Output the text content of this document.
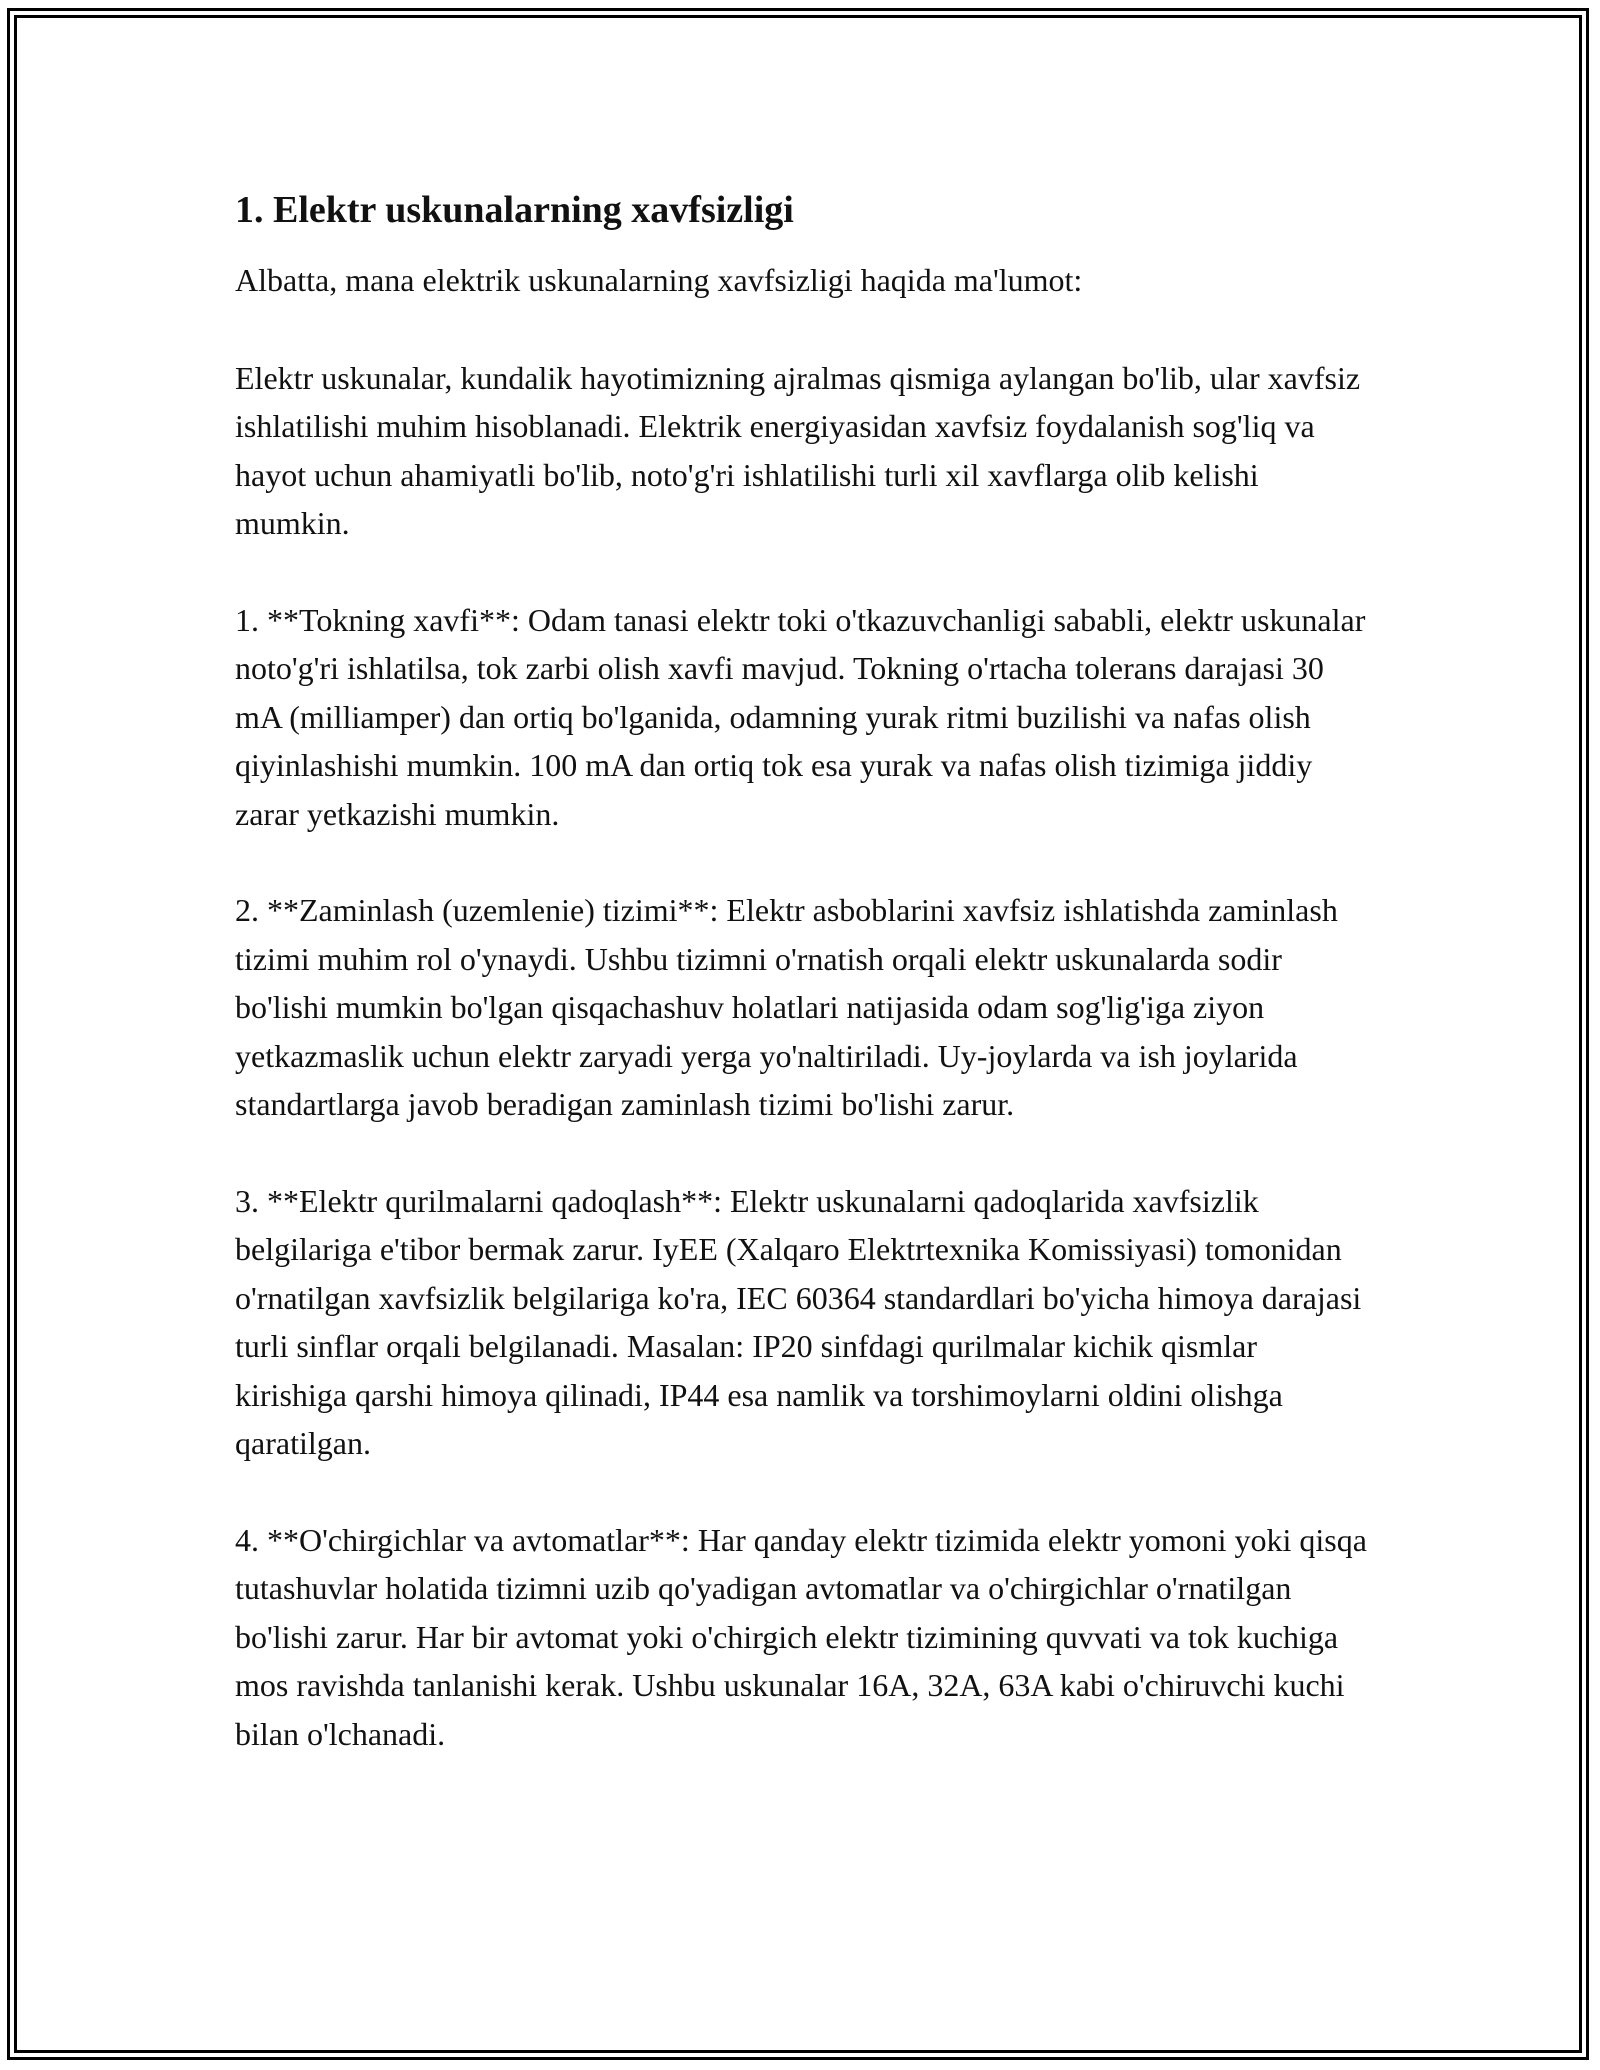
1. Elektr uskunalarning xavfsizligi

Albatta, mana elektrik uskunalarning xavfsizligi haqida ma'lumot:

Elektr uskunalar, kundalik hayotimizning ajralmas qismiga aylangan bo'lib, ular xavfsiz ishlatilishi muhim hisoblanadi. Elektrik energiyasidan xavfsiz foydalanish sog'liq va hayot uchun ahamiyatli bo'lib, noto'g'ri ishlatilishi turli xil xavflarga olib kelishi mumkin.

1. **Tokning xavfi**: Odam tanasi elektr toki o'tkazuvchanligi sababli, elektr uskunalar noto'g'ri ishlatilsa, tok zarbi olish xavfi mavjud. Tokning o'rtacha tolerans darajasi 30 mA (milliamper) dan ortiq bo'lganida, odamning yurak ritmi buzilishi va nafas olish qiyinlashishi mumkin. 100 mA dan ortiq tok esa yurak va nafas olish tizimiga jiddiy zarar yetkazishi mumkin.

2. **Zaminlash (uzemlenie) tizimi**: Elektr asboblarini xavfsiz ishlatishda zaminlash tizimi muhim rol o'ynaydi. Ushbu tizimni o'rnatish orqali elektr uskunalarda sodir bo'lishi mumkin bo'lgan qisqachashuv holatlari natijasida odam sog'lig'iga ziyon yetkazmaslik uchun elektr zaryadi yerga yo'naltiriladi. Uy-joylarda va ish joylarida standartlarga javob beradigan zaminlash tizimi bo'lishi zarur.

3. **Elektr qurilmalarni qadoqlash**: Elektr uskunalarni qadoqlarida xavfsizlik belgilariga e'tibor bermak zarur. IyEE (Xalqaro Elektrtexnika Komissiyasi) tomonidan o'rnatilgan xavfsizlik belgilariga ko'ra, IEC 60364 standardlari bo'yicha himoya darajasi turli sinflar orqali belgilanadi. Masalan: IP20 sinfdagi qurilmalar kichik qismlar kirishiga qarshi himoya qilinadi, IP44 esa namlik va torshimoylarni oldini olishga qaratilgan.

4. **O'chirgichlar va avtomatlar**: Har qanday elektr tizimida elektr yomoni yoki qisqa tutashuvlar holatida tizimni uzib qo'yadigan avtomatlar va o'chirgichlar o'rnatilgan bo'lishi zarur. Har bir avtomat yoki o'chirgich elektr tizimining quvvati va tok kuchiga mos ravishda tanlanishi kerak. Ushbu uskunalar 16A, 32A, 63A kabi o'chiruvchi kuchi bilan o'lchanadi.
